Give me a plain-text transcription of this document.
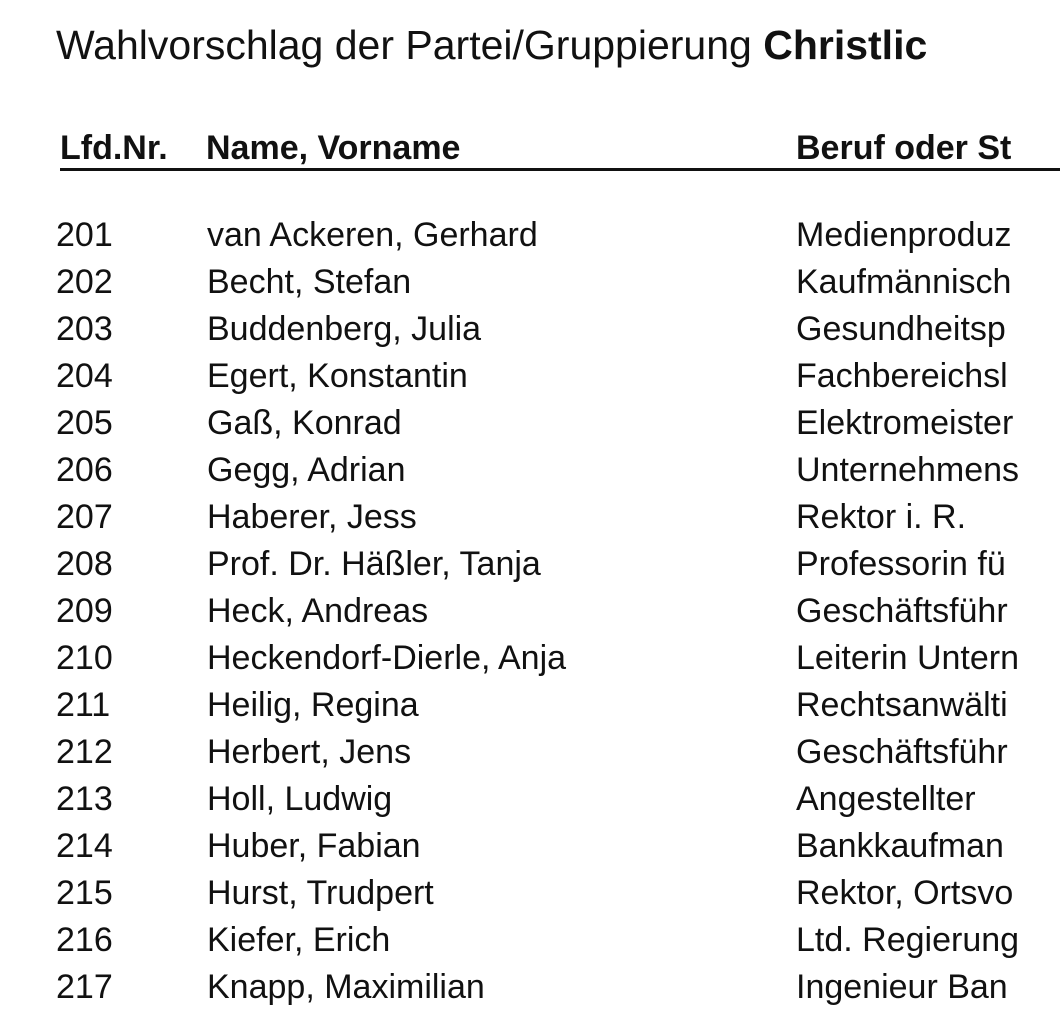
Wahlvorschlag der Partei/Gruppierung Christlic
Lfd.Nr. Name, Vorname	Beruf oder St
201	van Ackeren, Gerhard	Medienproduz
202	Becht, Stefan	Kaufmännisch
203	Buddenberg, Julia	Gesundheitsp
204	Egert, Konstantin	Fachbereichsl
205	Gaß, Konrad	Elektromeister
206	Gegg, Adrian	Unternehmens
207	Haberer, Jess	Rektor i. R.
208	Prof. Dr. Häßler, Tanja	Professorin fü
209	Heck, Andreas	Geschäftsführ
210	Heckendorf-Dierle, Anja	Leiterin Untern
211	Heilig, Regina	Rechtsanwälti
212	Herbert, Jens	Geschäftsführ
213	Holl, Ludwig	Angestellter
214	Huber, Fabian	Bankkaufman
215	Hurst, Trudpert	Rektor, Ortsvo
216	Kiefer, Erich	Ltd. Regierung
217	Knapp, Maximilian	Ingenieur Ban
